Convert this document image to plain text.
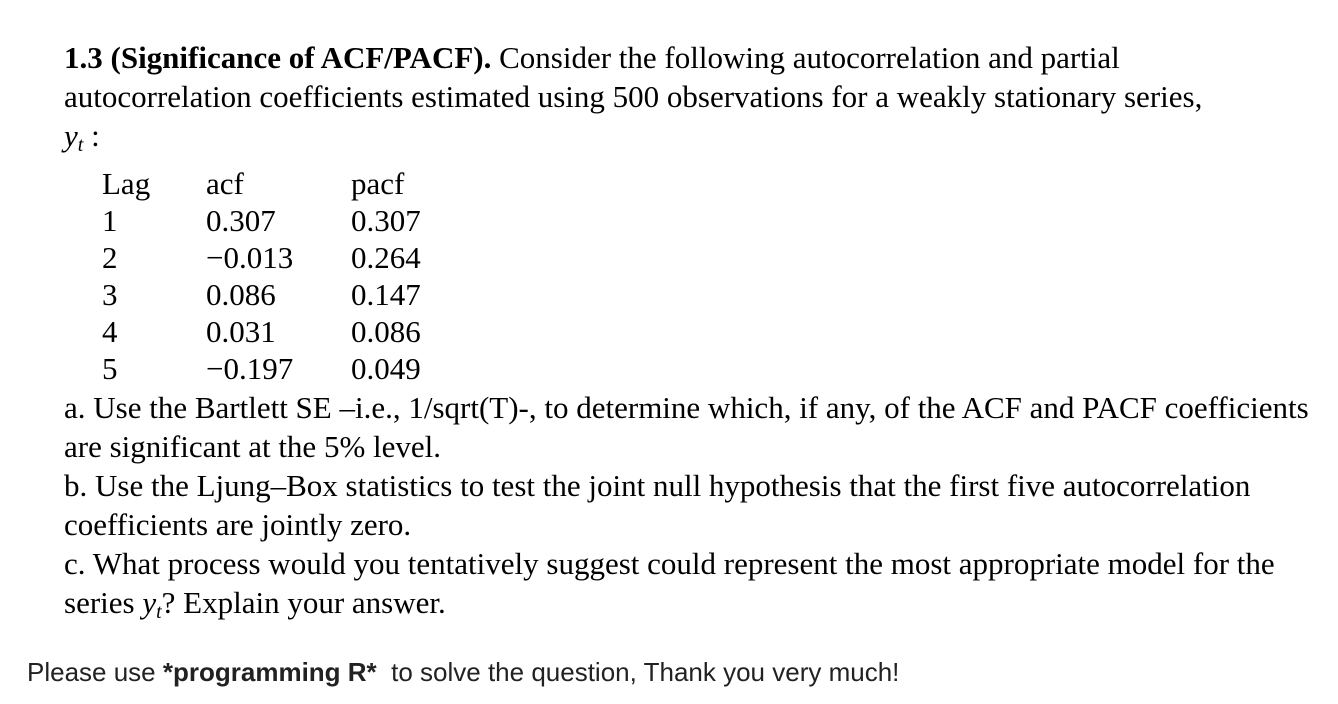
1.3 (Significance of ACF/PACF). Consider the following autocorrelation and partial autocorrelation coefficients estimated using 500 observations for a weakly stationary series,
$y_t$ :

Lag	acf	pacf
1	0.307	0.307
2	−0.013	0.264
3	0.086	0.147
4	0.031	0.086
5	−0.197	0.049

a. Use the Bartlett SE –i.e., 1/sqrt(T)-, to determine which, if any, of the ACF and PACF coefficients are significant at the 5% level.

b. Use the Ljung–Box statistics to test the joint null hypothesis that the first five autocorrelation coefficients are jointly zero.

c. What process would you tentatively suggest could represent the most appropriate model for the series $y_t$? Explain your answer.

Please use *programming R*  to solve the question, Thank you very much!
